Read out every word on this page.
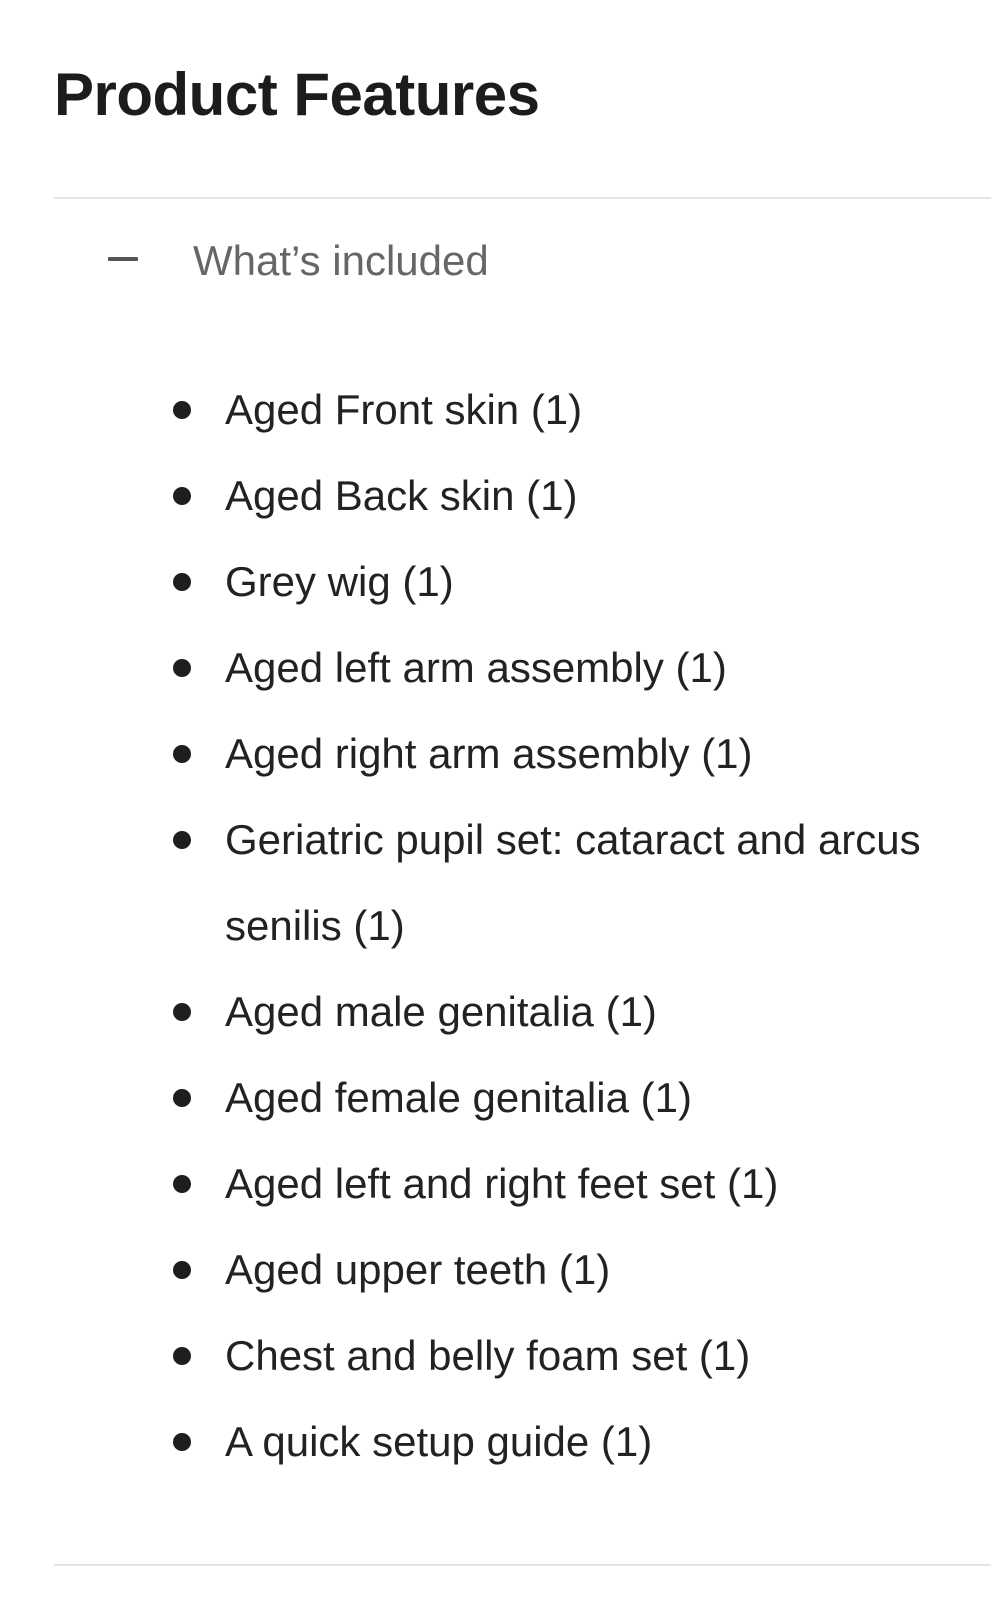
Product Features
What’s included
Aged Front skin (1)
Aged Back skin (1)
Grey wig (1)
Aged left arm assembly (1)
Aged right arm assembly (1)
Geriatric pupil set: cataract and arcus senilis (1)
Aged male genitalia (1)
Aged female genitalia (1)
Aged left and right feet set (1)
Aged upper teeth (1)
Chest and belly foam set (1)
A quick setup guide (1)
